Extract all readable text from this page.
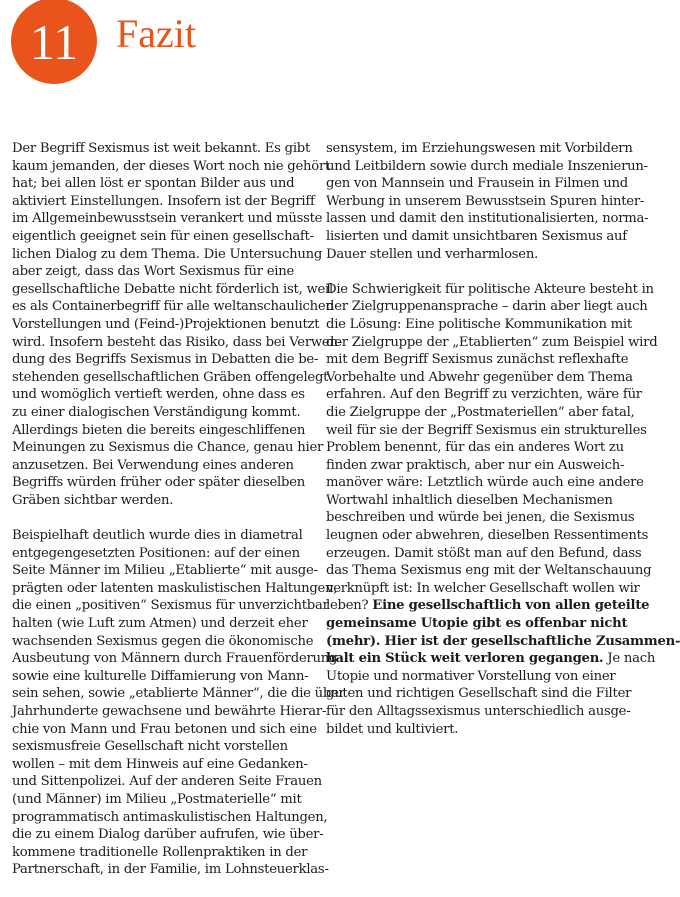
11 Fazit

Der Begriff Sexismus ist weit bekannt. Es gibt
kaum jemanden, der dieses Wort noch nie gehört
hat; bei allen löst er spontan Bilder aus und
aktiviert Einstellungen. Insofern ist der Begriff
im Allgemeinbewusstsein verankert und müsste
eigentlich geeignet sein für einen gesellschaft-
lichen Dialog zu dem Thema. Die Untersuchung
aber zeigt, dass das Wort Sexismus für eine
gesellschaftliche Debatte nicht förderlich ist, weil
es als Containerbegriff für alle weltanschaulichen
Vorstellungen und (Feind-)Projektionen benutzt
wird. Insofern besteht das Risiko, dass bei Verwen-
dung des Begriffs Sexismus in Debatten die be-
stehenden gesellschaftlichen Gräben offengelegt
und womöglich vertieft werden, ohne dass es
zu einer dialogischen Verständigung kommt.
Allerdings bieten die bereits eingeschliffenen
Meinungen zu Sexismus die Chance, genau hier
anzusetzen. Bei Verwendung eines anderen
Begriffs würden früher oder später dieselben
Gräben sichtbar werden.

Beispielhaft deutlich wurde dies in diametral
entgegengesetzten Positionen: auf der einen
Seite Männer im Milieu „Etablierte“ mit ausge-
prägten oder latenten maskulistischen Haltungen,
die einen „positiven“ Sexismus für unverzichtbar
halten (wie Luft zum Atmen) und derzeit eher
wachsenden Sexismus gegen die ökonomische
Ausbeutung von Männern durch Frauenförderung
sowie eine kulturelle Diffamierung von Mann-
sein sehen, sowie „etablierte Männer“, die die über
Jahrhunderte gewachsene und bewährte Hierar-
chie von Mann und Frau betonen und sich eine
sexismusfreie Gesellschaft nicht vorstellen
wollen – mit dem Hinweis auf eine Gedanken-
und Sittenpolizei. Auf der anderen Seite Frauen
(und Männer) im Milieu „Postmaterielle“ mit
programmatisch antimaskulistischen Haltungen,
die zu einem Dialog darüber aufrufen, wie über-
kommene traditionelle Rollenpraktiken in der
Partnerschaft, in der Familie, im Lohnsteuerklas-

sensystem, im Erziehungswesen mit Vorbildern
und Leitbildern sowie durch mediale Inszenierun-
gen von Mannsein und Frausein in Filmen und
Werbung in unserem Bewusstsein Spuren hinter-
lassen und damit den institutionalisierten, norma-
lisierten und damit unsichtbaren Sexismus auf
Dauer stellen und verharmlosen.

Die Schwierigkeit für politische Akteure besteht in
der Zielgruppenansprache – darin aber liegt auch
die Lösung: Eine politische Kommunikation mit
der Zielgruppe der „Etablierten“ zum Beispiel wird
mit dem Begriff Sexismus zunächst reflexhafte
Vorbehalte und Abwehr gegenüber dem Thema
erfahren. Auf den Begriff zu verzichten, wäre für
die Zielgruppe der „Postmateriellen“ aber fatal,
weil für sie der Begriff Sexismus ein strukturelles
Problem benennt, für das ein anderes Wort zu
finden zwar praktisch, aber nur ein Ausweich-
manöver wäre: Letztlich würde auch eine andere
Wortwahl inhaltlich dieselben Mechanismen
beschreiben und würde bei jenen, die Sexismus
leugnen oder abwehren, dieselben Ressentiments
erzeugen. Damit stößt man auf den Befund, dass
das Thema Sexismus eng mit der Weltanschauung
verknüpft ist: In welcher Gesellschaft wollen wir
leben? Eine gesellschaftlich von allen geteilte
gemeinsame Utopie gibt es offenbar nicht
(mehr). Hier ist der gesellschaftliche Zusammen-
halt ein Stück weit verloren gegangen. Je nach
Utopie und normativer Vorstellung von einer
guten und richtigen Gesellschaft sind die Filter
für den Alltagssexismus unterschiedlich ausge-
bildet und kultiviert.
